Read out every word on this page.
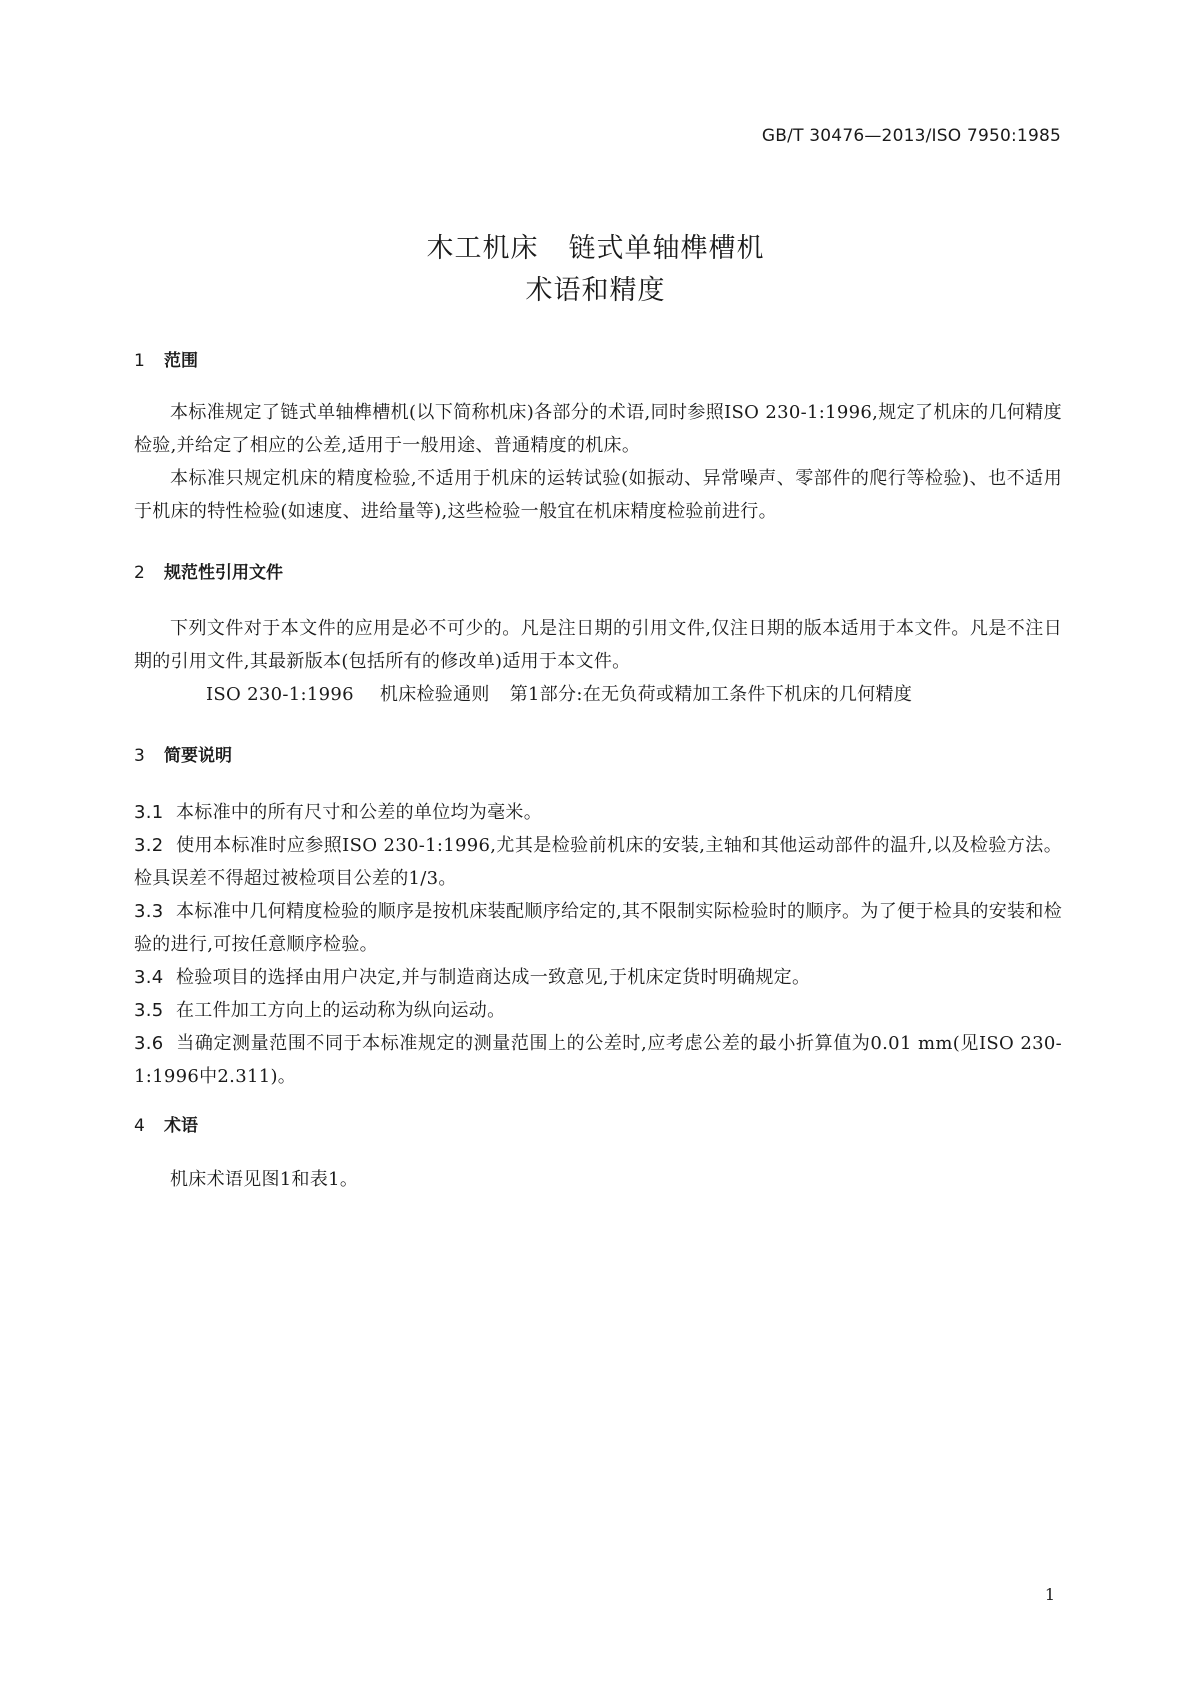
GB/T 30476—2013/ISO 7950:1985
木工机床 链式单轴榫槽机
术语和精度
1 范围
本标准规定了链式单轴榫槽机(以下简称机床)各部分的术语,同时参照ISO 230-1:1996,规定了机床的几何精度检验,并给定了相应的公差,适用于一般用途、普通精度的机床。
本标准只规定机床的精度检验,不适用于机床的运转试验(如振动、异常噪声、零部件的爬行等检验)、也不适用于机床的特性检验(如速度、进给量等),这些检验一般宜在机床精度检验前进行。
2 规范性引用文件
下列文件对于本文件的应用是必不可少的。凡是注日期的引用文件,仅注日期的版本适用于本文件。凡是不注日期的引用文件,其最新版本(包括所有的修改单)适用于本文件。
ISO 230-1:1996 机床检验通则 第1部分:在无负荷或精加工条件下机床的几何精度
3 简要说明
3.1 本标准中的所有尺寸和公差的单位均为毫米。
3.2 使用本标准时应参照ISO 230-1:1996,尤其是检验前机床的安装,主轴和其他运动部件的温升,以及检验方法。检具误差不得超过被检项目公差的1/3。
3.3 本标准中几何精度检验的顺序是按机床装配顺序给定的,其不限制实际检验时的顺序。为了便于检具的安装和检验的进行,可按任意顺序检验。
3.4 检验项目的选择由用户决定,并与制造商达成一致意见,于机床定货时明确规定。
3.5 在工件加工方向上的运动称为纵向运动。
3.6 当确定测量范围不同于本标准规定的测量范围上的公差时,应考虑公差的最小折算值为0.01 mm(见ISO 230-1:1996中2.311)。
4 术语
机床术语见图1和表1。
1
